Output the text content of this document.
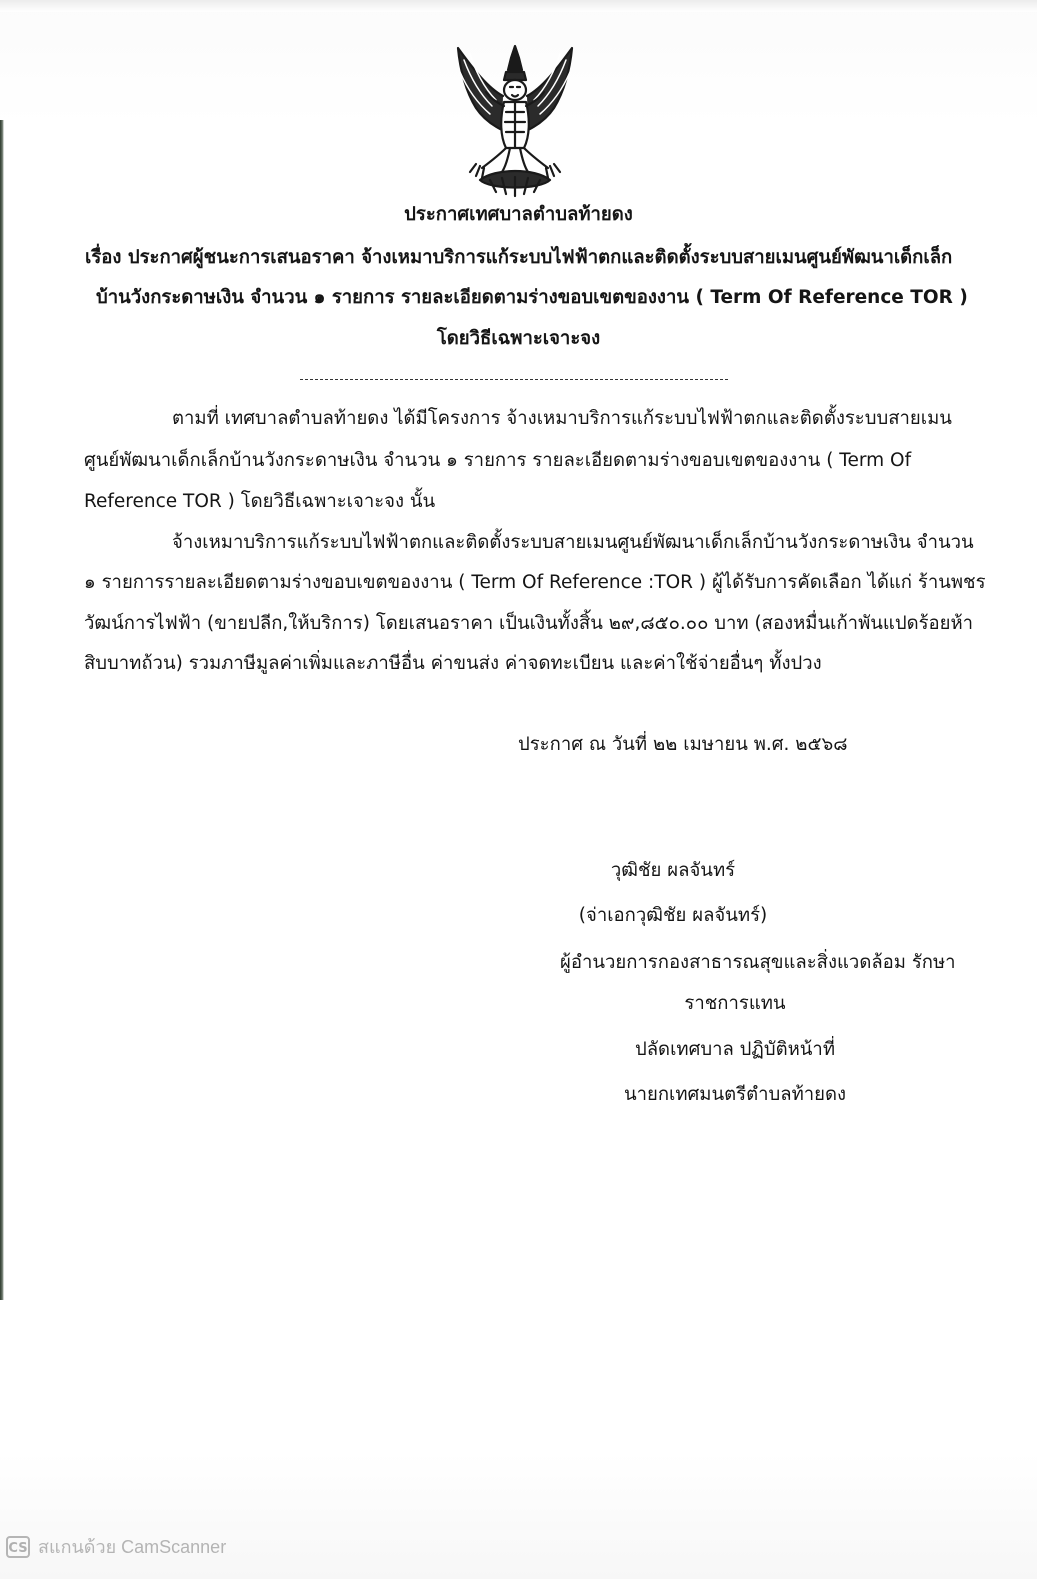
ประกาศเทศบาลตำบลท้ายดง
เรื่อง ประกาศผู้ชนะการเสนอราคา จ้างเหมาบริการแก้ระบบไฟฟ้าตกและติดตั้งระบบสายเมนศูนย์พัฒนาเด็กเล็ก
บ้านวังกระดาษเงิน จำนวน ๑ รายการ รายละเอียดตามร่างขอบเขตของงาน ( Term Of Reference TOR )
โดยวิธีเฉพาะเจาะจง
ตามที่ เทศบาลตำบลท้ายดง ได้มีโครงการ จ้างเหมาบริการแก้ระบบไฟฟ้าตกและติดตั้งระบบสายเมน
ศูนย์พัฒนาเด็กเล็กบ้านวังกระดาษเงิน จำนวน ๑ รายการ รายละเอียดตามร่างขอบเขตของงาน ( Term Of
Reference TOR ) โดยวิธีเฉพาะเจาะจง นั้น
จ้างเหมาบริการแก้ระบบไฟฟ้าตกและติดตั้งระบบสายเมนศูนย์พัฒนาเด็กเล็กบ้านวังกระดาษเงิน จำนวน
๑ รายการรายละเอียดตามร่างขอบเขตของงาน ( Term Of Reference :TOR ) ผู้ได้รับการคัดเลือก ได้แก่ ร้านพชร
วัฒน์การไฟฟ้า (ขายปลีก,ให้บริการ) โดยเสนอราคา เป็นเงินทั้งสิ้น ๒๙,๘๕๐.๐๐ บาท (สองหมื่นเก้าพันแปดร้อยห้า
สิบบาทถ้วน) รวมภาษีมูลค่าเพิ่มและภาษีอื่น ค่าขนส่ง ค่าจดทะเบียน และค่าใช้จ่ายอื่นๆ ทั้งปวง
ประกาศ ณ วันที่ ๒๒ เมษายน พ.ศ. ๒๕๖๘
วุฒิชัย ผลจันทร์
(จ่าเอกวุฒิชัย ผลจันทร์)
ผู้อำนวยการกองสาธารณสุขและสิ่งแวดล้อม รักษา
ราชการแทน
ปลัดเทศบาล ปฏิบัติหน้าที่
นายกเทศมนตรีตำบลท้ายดง
CS สแกนด้วย CamScanner
